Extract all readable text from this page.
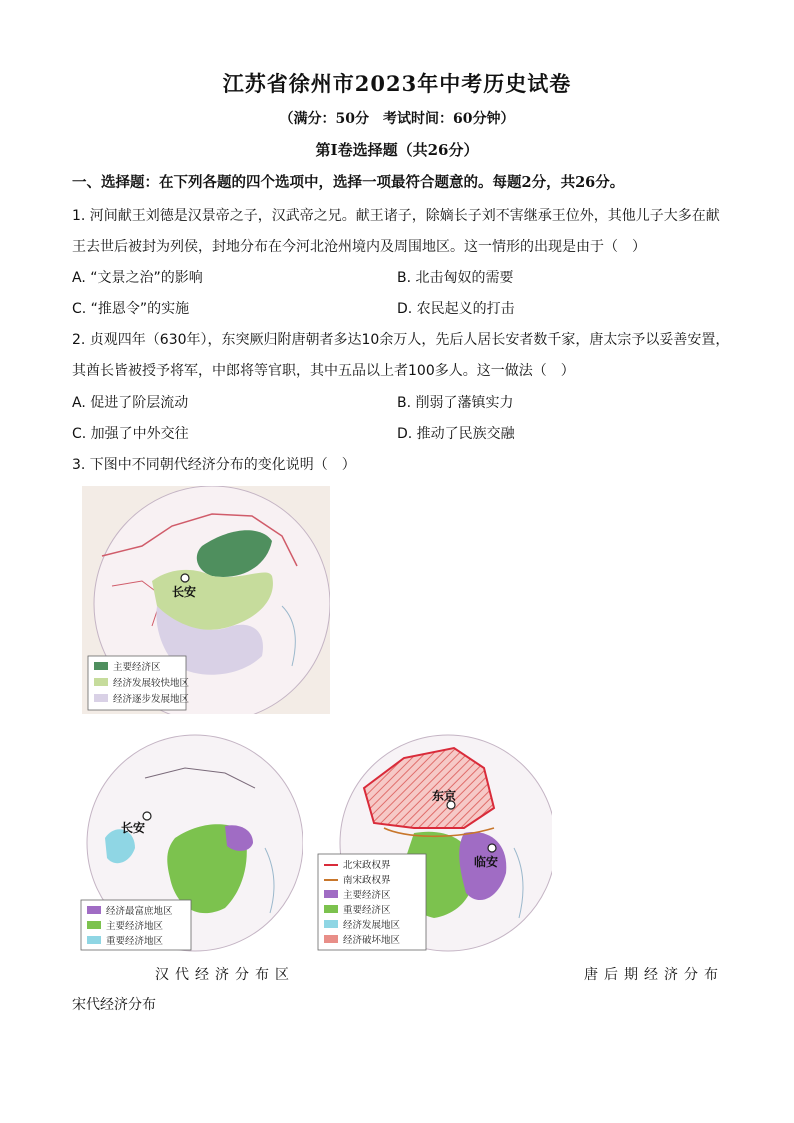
江苏省徐州市2023年中考历史试卷
（满分：50分　考试时间：60分钟）
第Ⅰ卷选择题（共26分）
一、选择题：在下列各题的四个选项中，选择一项最符合题意的。每题2分，共26分。
1. 河间献王刘德是汉景帝之子，汉武帝之兄。献王诸子，除嫡长子刘不害继承王位外，其他儿子大多在献
王去世后被封为列侯，封地分布在今河北沧州境内及周围地区。这一情形的出现是由于（　）
A. “文景之治”的影响	B. 北击匈奴的需要
C. “推恩令”的实施	D. 农民起义的打击
2. 贞观四年（630年），东突厥归附唐朝者多达10余万人，先后人居长安者数千家，唐太宗予以妥善安置，
其酋长皆被授予将军，中郎将等官职，其中五品以上者100多人。这一做法（　）
A. 促进了阶层流动	B. 削弱了藩镇实力
C. 加强了中外交往	D. 推动了民族交融
3. 下图中不同朝代经济分布的变化说明（　）
长安
主要经济区
经济发展较快地区
经济逐步发展地区
长安
经济最富庶地区
主要经济地区
重要经济地区
东京
临安
北宋政权界
南宋政权界
主要经济区
重要经济区
经济发展地区
经济破坏地区
汉代经济分布区	唐后期经济分布
宋代经济分布
